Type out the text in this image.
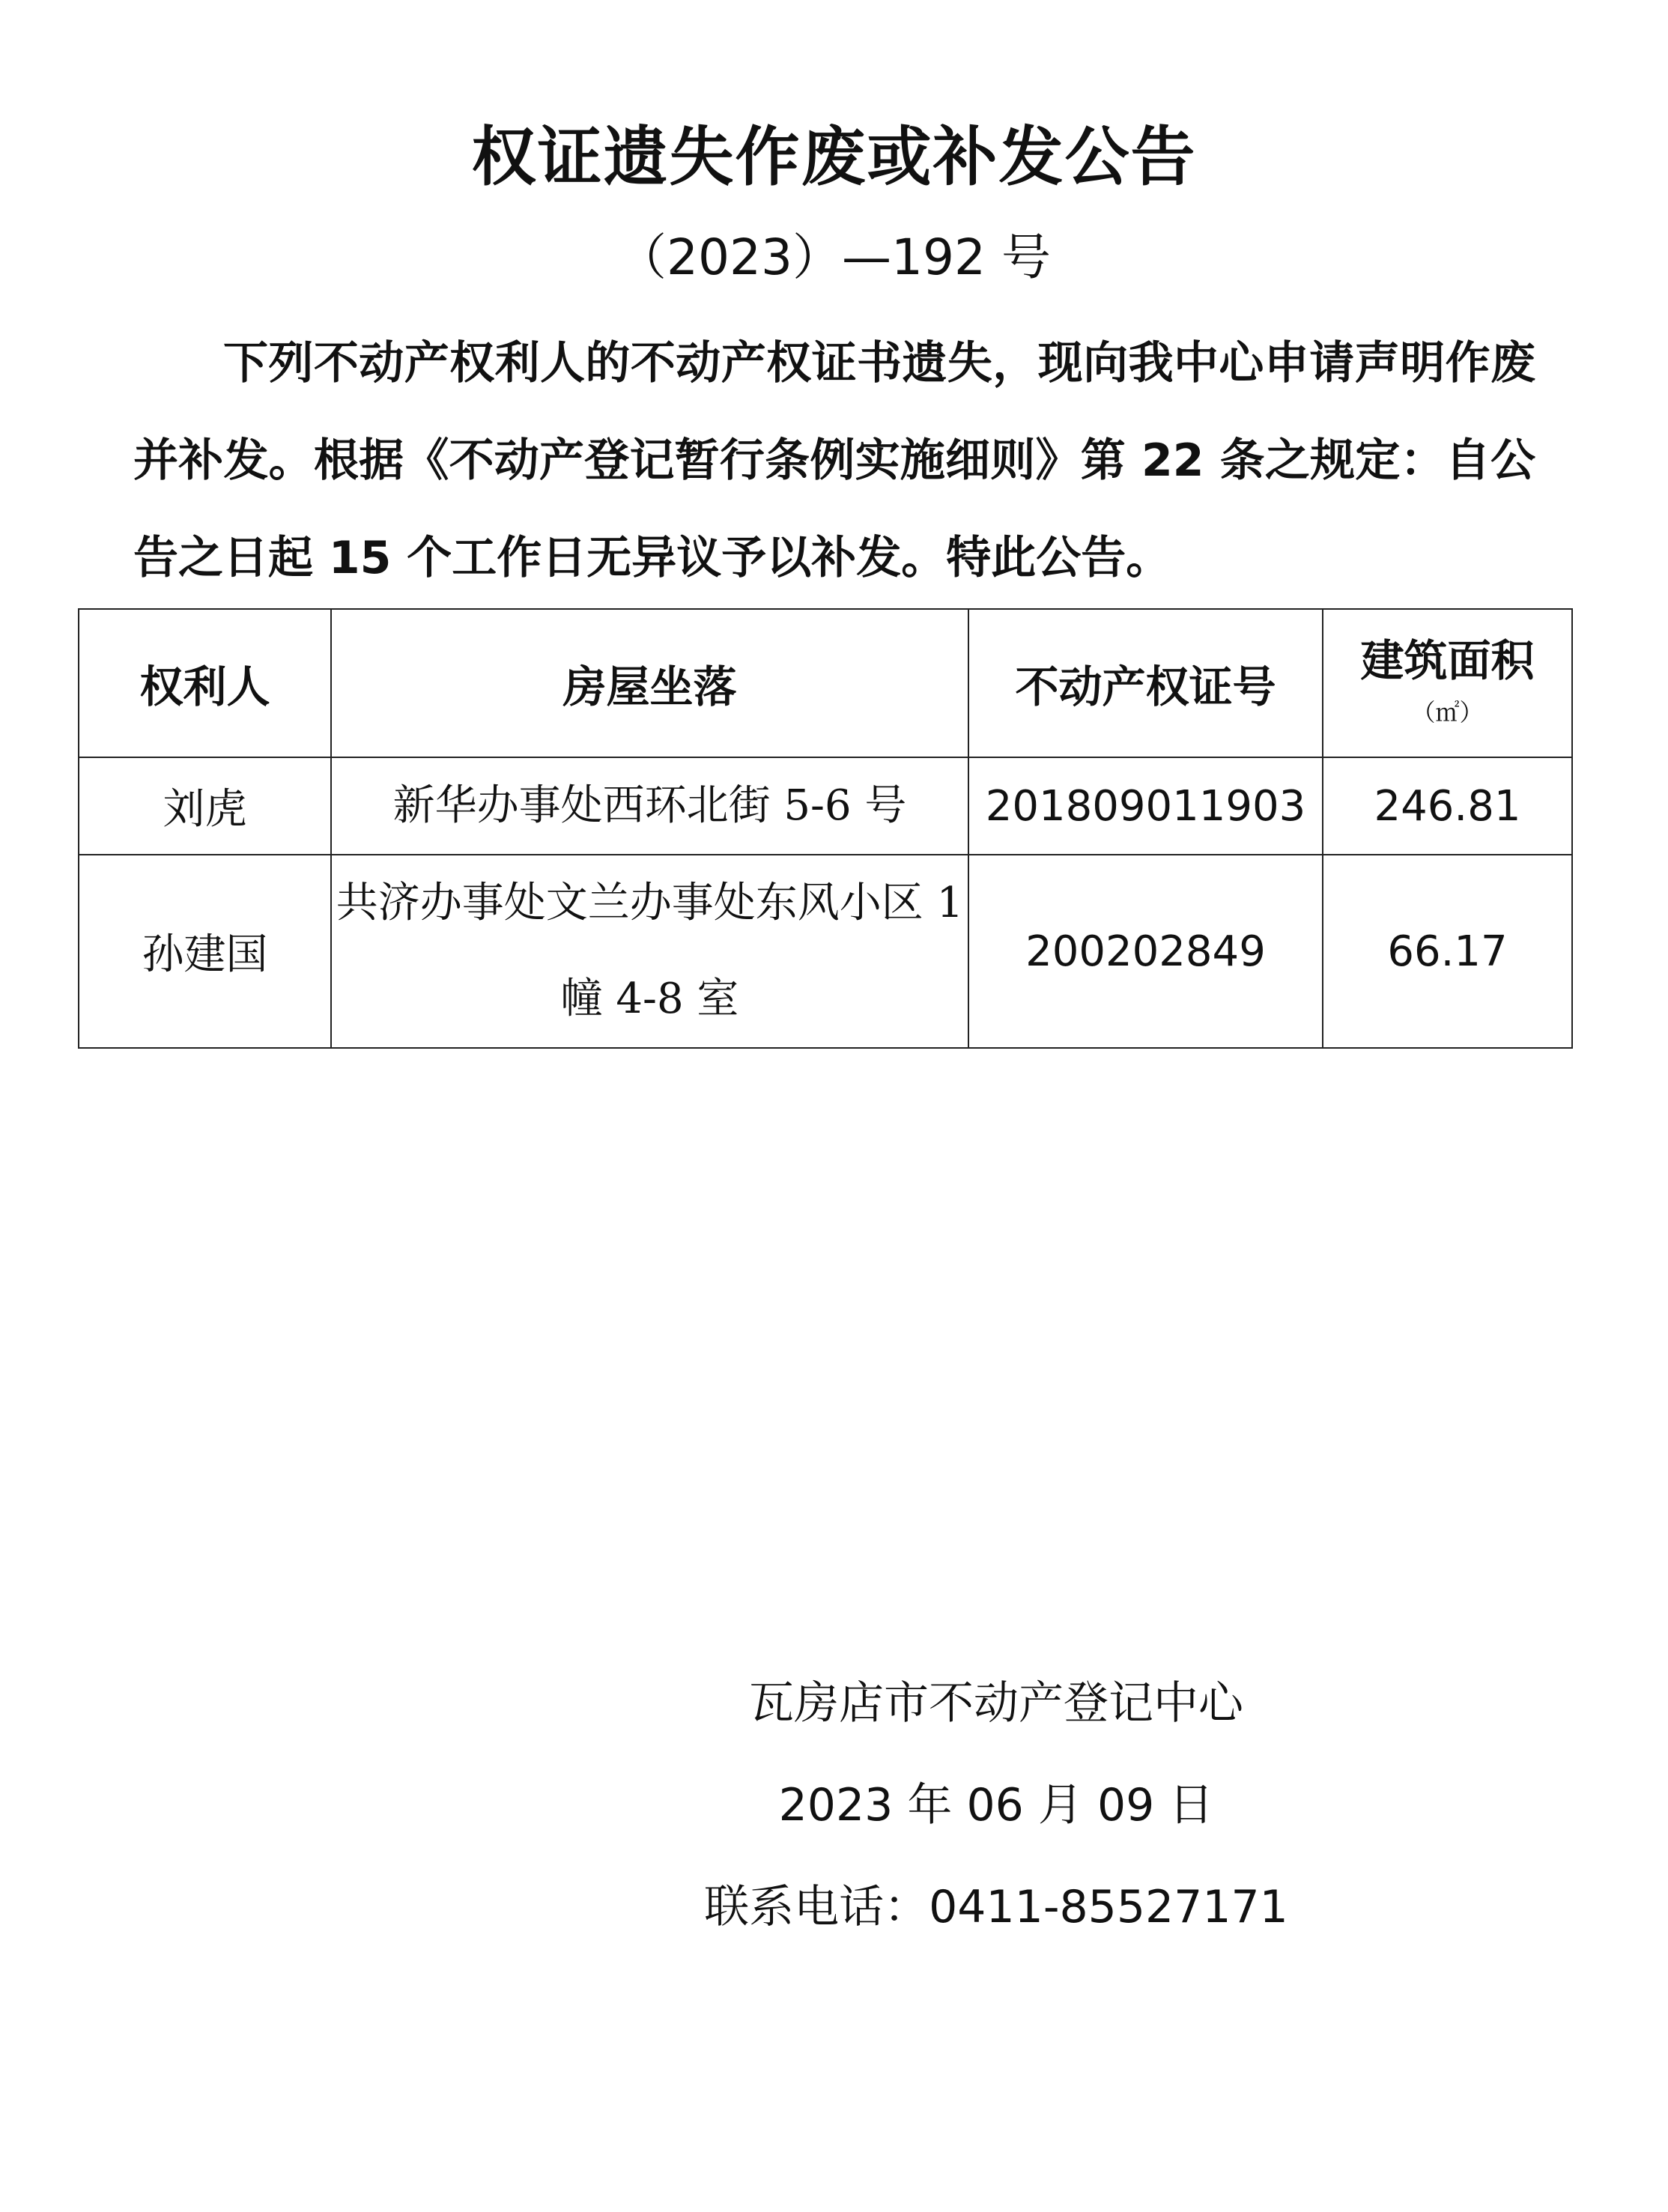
权证遗失作废或补发公告
（2023）—192 号
下列不动产权利人的不动产权证书遗失，现向我中心申请声明作废并补发。根据《不动产登记暂行条例实施细则》第 22 条之规定：自公告之日起 15 个工作日无异议予以补发。特此公告。
权利人	房屋坐落	不动产权证号	建筑面积
（㎡）

刘虎	新华办事处西环北街 5-6 号	201809011903	246.81
孙建国	共济办事处文兰办事处东风小区 1 幢 4-8 室	200202849	66.17
瓦房店市不动产登记中心
2023 年 06 月 09 日
联系电话：0411-85527171
